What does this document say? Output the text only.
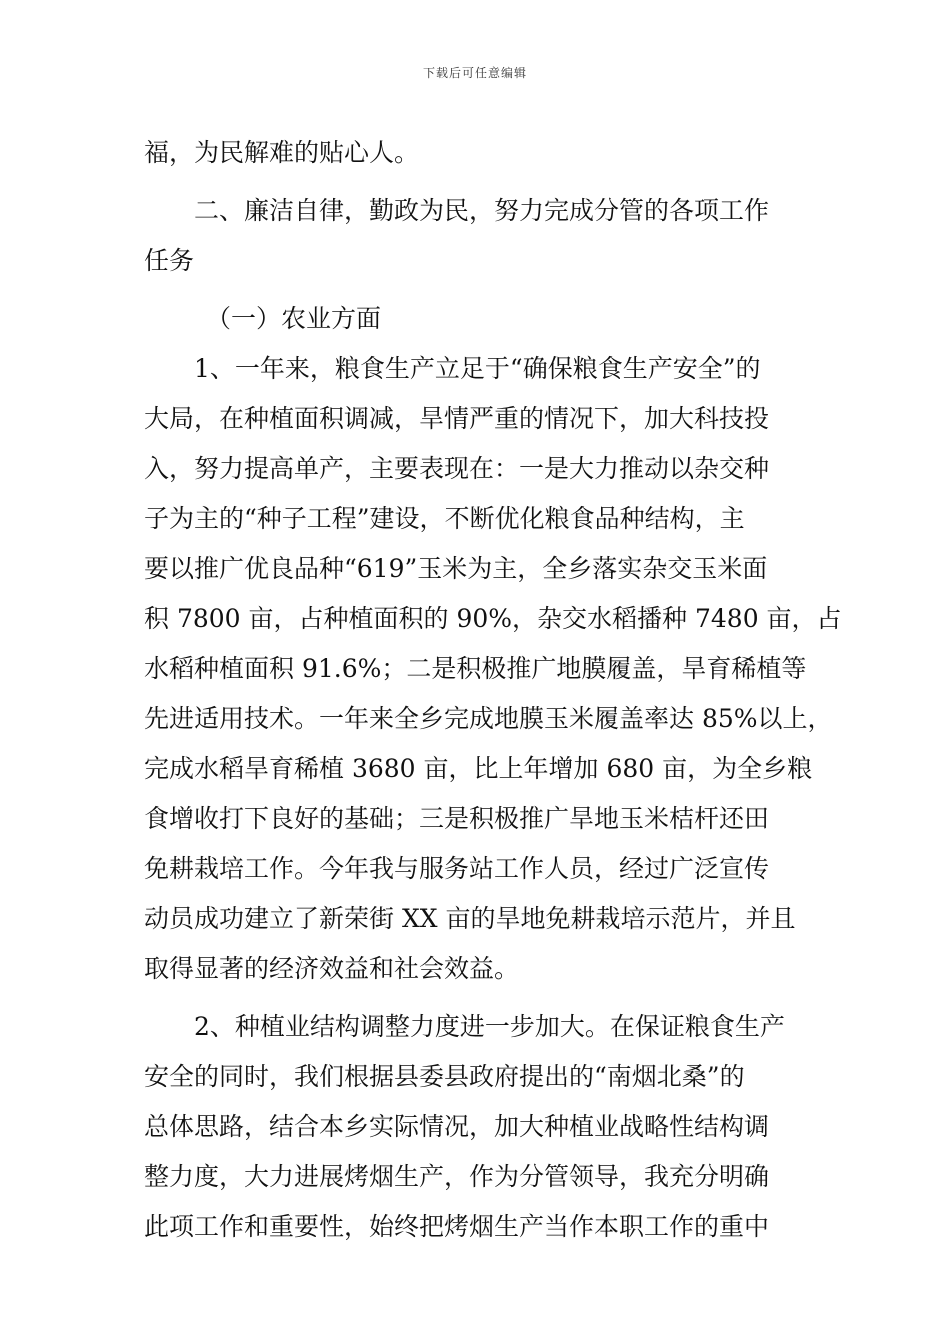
下载后可任意编辑
福，为民解难的贴心人。
二、廉洁自律，勤政为民，努力完成分管的各项工作
任务
（一）农业方面
1、一年来，粮食生产立足于“确保粮食生产安全”的
大局，在种植面积调减，旱情严重的情况下，加大科技投
入，努力提高单产，主要表现在：一是大力推动以杂交种
子为主的“种子工程”建设，不断优化粮食品种结构，主
要以推广优良品种“619”玉米为主，全乡落实杂交玉米面
积 7800 亩，占种植面积的 90%，杂交水稻播种 7480 亩，占
水稻种植面积 91.6%；二是积极推广地膜履盖，旱育稀植等
先进适用技术。一年来全乡完成地膜玉米履盖率达 85%以上，
完成水稻旱育稀植 3680 亩，比上年增加 680 亩，为全乡粮
食增收打下良好的基础；三是积极推广旱地玉米桔杆还田
免耕栽培工作。今年我与服务站工作人员，经过广泛宣传
动员成功建立了新荣街 XX 亩的旱地免耕栽培示范片，并且
取得显著的经济效益和社会效益。
2、种植业结构调整力度进一步加大。在保证粮食生产
安全的同时，我们根据县委县政府提出的“南烟北桑”的
总体思路，结合本乡实际情况，加大种植业战略性结构调
整力度，大力进展烤烟生产，作为分管领导，我充分明确
此项工作和重要性，始终把烤烟生产当作本职工作的重中
